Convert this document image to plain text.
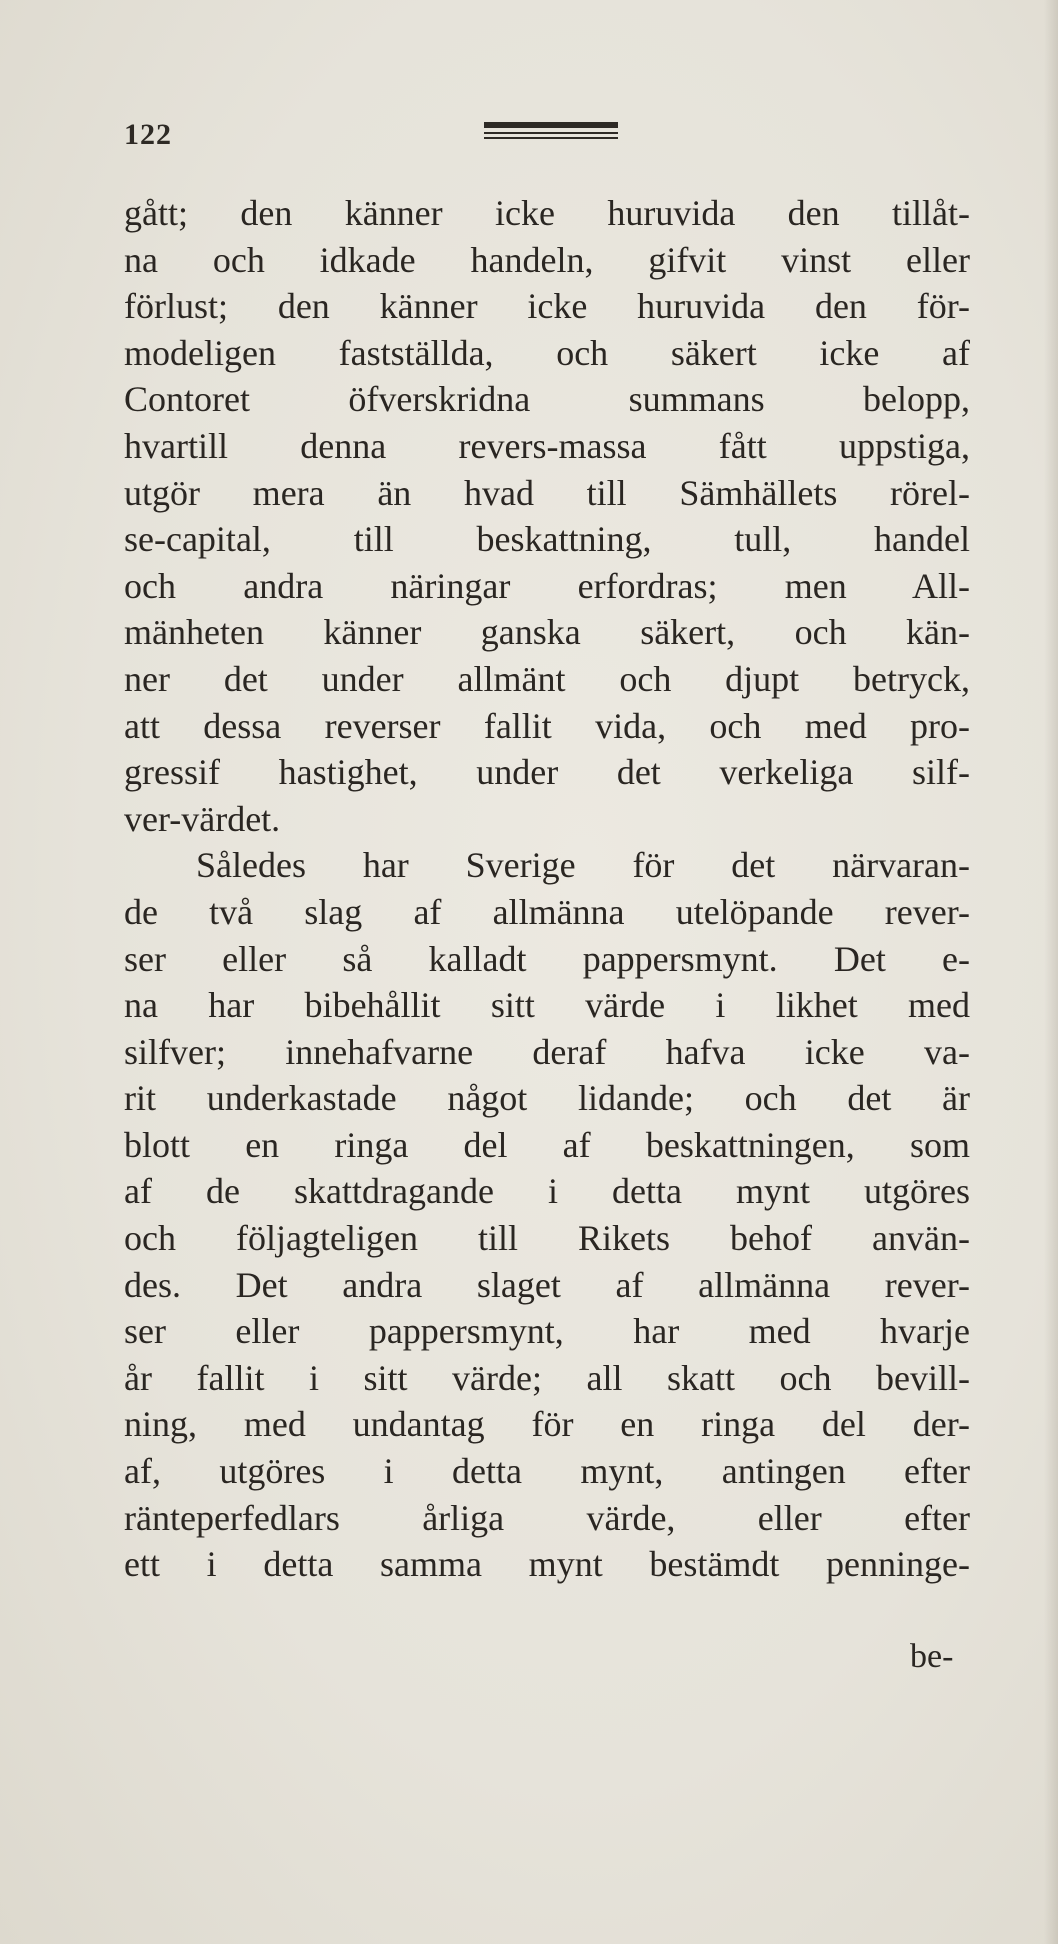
122
gått; den känner icke huruvida den tillåt-
na och idkade handeln, gifvit vinst eller
förlust; den känner icke huruvida den för-
modeligen fastställda, och säkert icke af
Contoret öfverskridna summans belopp,
hvartill denna revers-massa fått uppstiga,
utgör mera än hvad till Sämhällets rörel-
se-capital, till beskattning, tull, handel
och andra näringar erfordras; men All-
mänheten känner ganska säkert, och kän-
ner det under allmänt och djupt betryck,
att dessa reverser fallit vida, och med pro-
gressif hastighet, under det verkeliga silf-
ver-värdet.
Således har Sverige för det närvaran-
de två slag af allmänna utelöpande rever-
ser eller så kalladt pappersmynt. Det e-
na har bibehållit sitt värde i likhet med
silfver; innehafvarne deraf hafva icke va-
rit underkastade något lidande; och det är
blott en ringa del af beskattningen, som
af de skattdragande i detta mynt utgöres
och följagteligen till Rikets behof använ-
des. Det andra slaget af allmänna rever-
ser eller pappersmynt, har med hvarje
år fallit i sitt värde; all skatt och bevill-
ning, med undantag för en ringa del der-
af, utgöres i detta mynt, antingen efter
ränteperfedlars årliga värde, eller efter
ett i detta samma mynt bestämdt penninge-
be-
